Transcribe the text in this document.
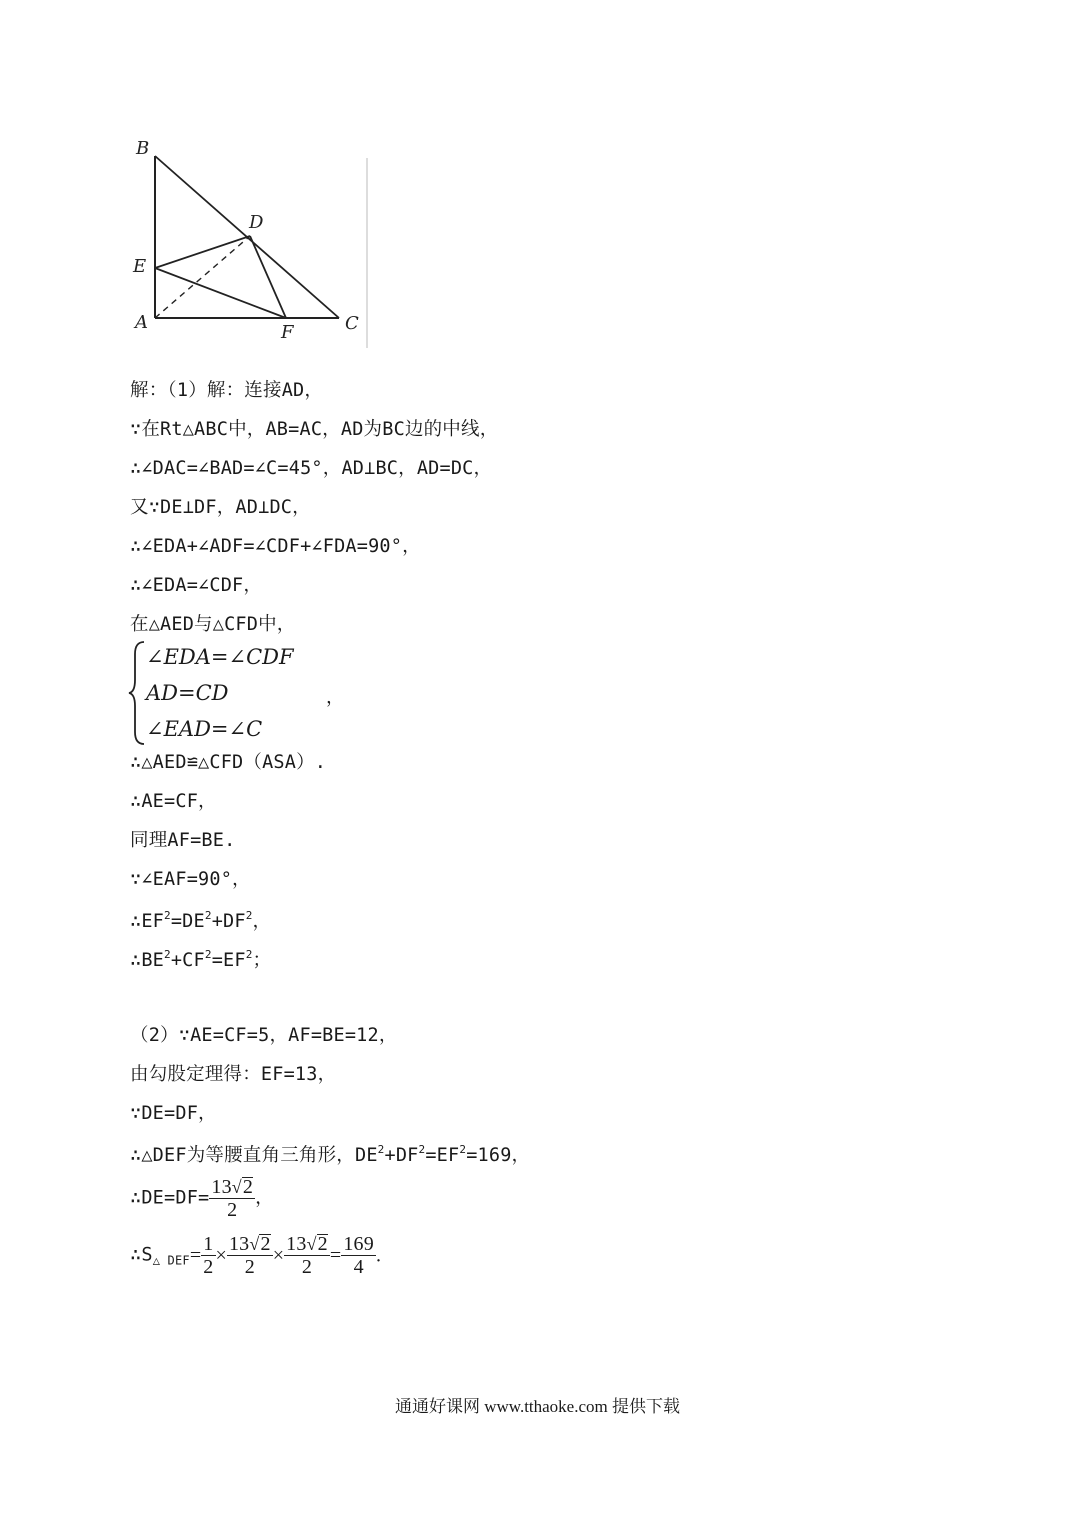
B
D
E
A	F	C
解：（1）解：连接AD，
∵在Rt△ABC中，AB=AC，AD为BC边的中线，
∴∠DAC=∠BAD=∠C=45°，AD⊥BC，AD=DC，
又∵DE⊥DF，AD⊥DC，
∴∠EDA+∠ADF=∠CDF+∠FDA=90°，
∴∠EDA=∠CDF，
在△AED与△CFD中，
∠EDA=∠CDF
AD=CD
∠EAD=∠C
，
∴△AED≌△CFD（ASA）.
∴AE=CF，
同理AF=BE.
∵∠EAF=90°，
$\therefore EF^2=DE^2+DF^2$，
$\therefore BE^2+CF^2=EF^2$；
（2）∵AE=CF=5，AF=BE=12，
由勾股定理得：EF=13，
∵DE=DF，
∴△DEF为等腰直角三角形，$DE^2+DF^2=EF^2=169$，
∴DE=DF= $\frac{13√2}{2}$ ，
$\therefore S_{\triangle DEF}= \frac{1}{2} \times \frac{13√2}{2} \times \frac{13√2}{2} = \frac{169}{4}$ .
通通好课网 www.tthaoke.com 提供下载
